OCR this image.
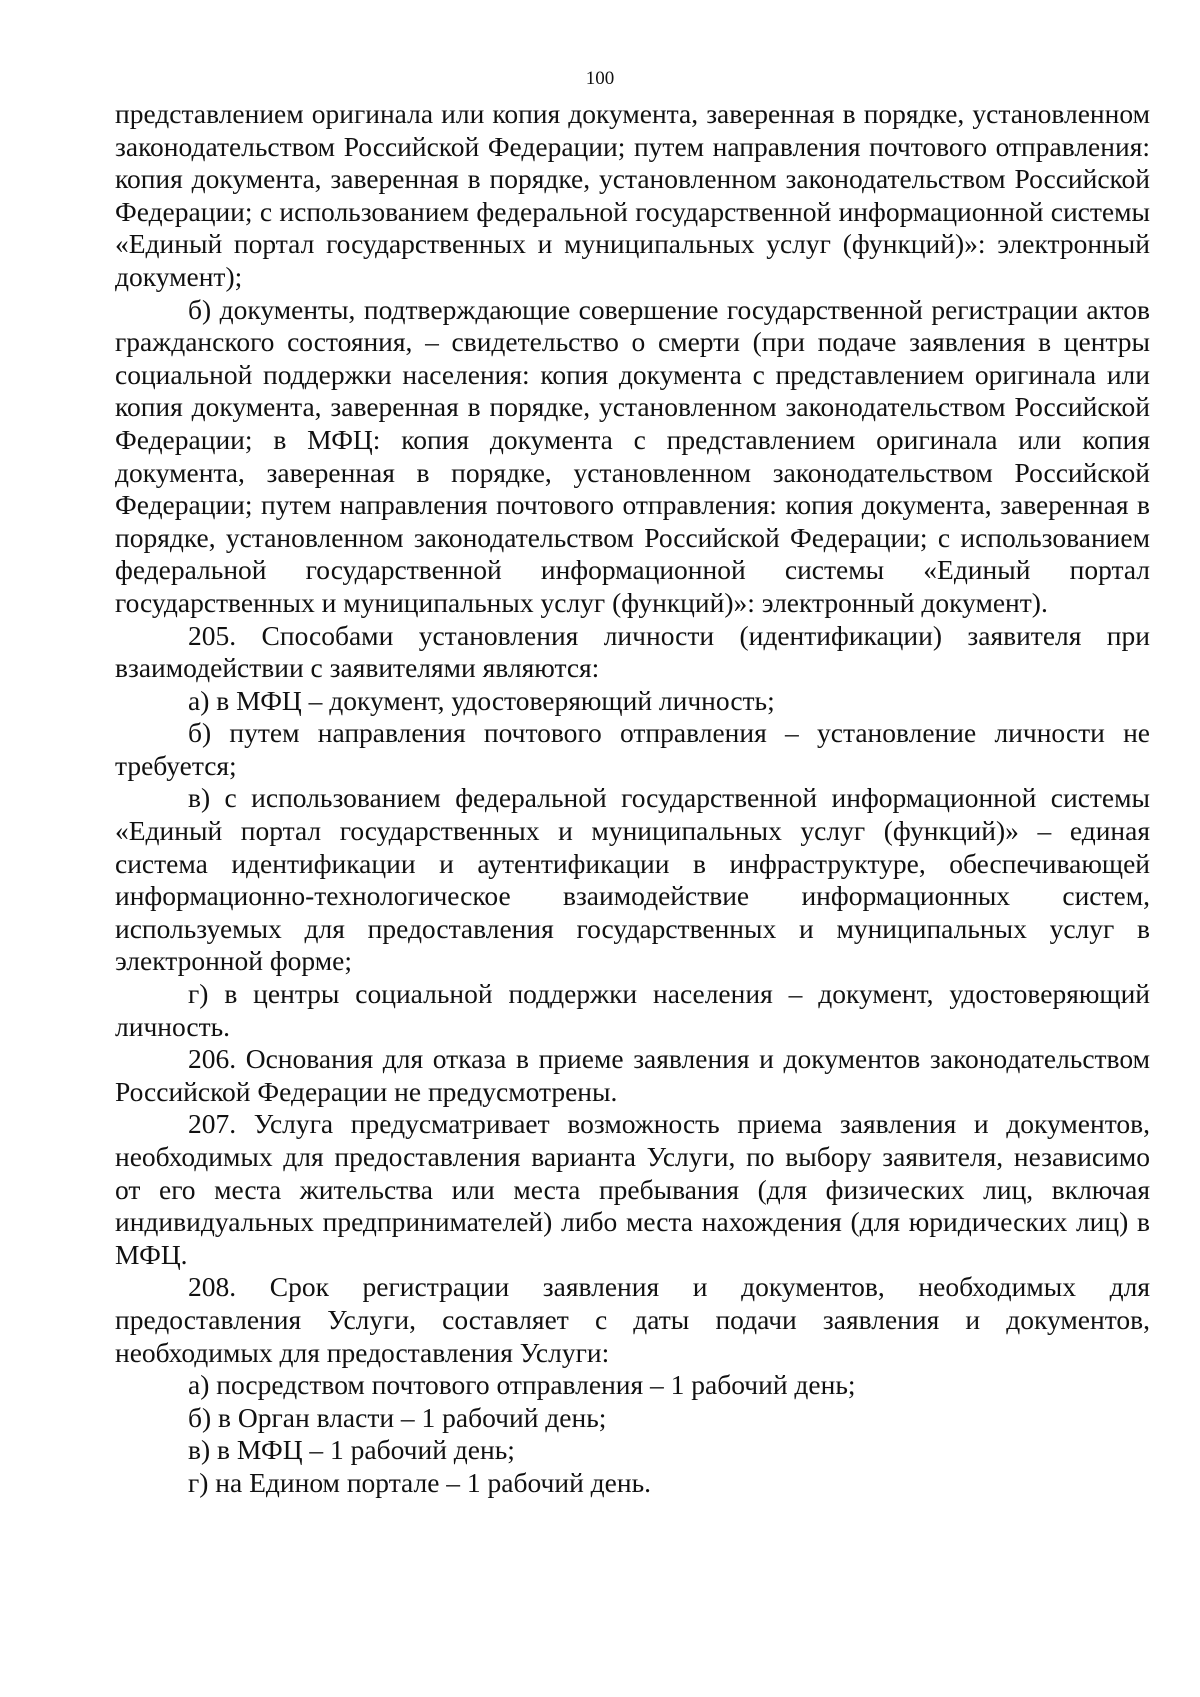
100

представлением оригинала или копия документа, заверенная в порядке, установленном законодательством Российской Федерации; путем направления почтового отправления: копия документа, заверенная в порядке, установленном законодательством Российской Федерации; с использованием федеральной государственной информационной системы «Единый портал государственных и муниципальных услуг (функций)»: электронный документ);

б) документы, подтверждающие совершение государственной регистрации актов гражданского состояния, – свидетельство о смерти (при подаче заявления в центры социальной поддержки населения: копия документа с представлением оригинала или копия документа, заверенная в порядке, установленном законодательством Российской Федерации; в МФЦ: копия документа с представлением оригинала или копия документа, заверенная в порядке, установленном законодательством Российской Федерации; путем направления почтового отправления: копия документа, заверенная в порядке, установленном законодательством Российской Федерации; с использованием федеральной государственной информационной системы «Единый портал государственных и муниципальных услуг (функций)»: электронный документ).

205. Способами установления личности (идентификации) заявителя при взаимодействии с заявителями являются:

а) в МФЦ – документ, удостоверяющий личность;

б) путем направления почтового отправления – установление личности не требуется;

в) с использованием федеральной государственной информационной системы «Единый портал государственных и муниципальных услуг (функций)» – единая система идентификации и аутентификации в инфраструктуре, обеспечивающей информационно-технологическое взаимодействие информационных систем, используемых для предоставления государственных и муниципальных услуг в электронной форме;

г) в центры социальной поддержки населения – документ, удостоверяющий личность.

206. Основания для отказа в приеме заявления и документов законодательством Российской Федерации не предусмотрены.

207. Услуга предусматривает возможность приема заявления и документов, необходимых для предоставления варианта Услуги, по выбору заявителя, независимо от его места жительства или места пребывания (для физических лиц, включая индивидуальных предпринимателей) либо места нахождения (для юридических лиц) в МФЦ.

208. Срок регистрации заявления и документов, необходимых для предоставления Услуги, составляет с даты подачи заявления и документов, необходимых для предоставления Услуги:

а) посредством почтового отправления – 1 рабочий день;

б) в Орган власти – 1 рабочий день;

в) в МФЦ – 1 рабочий день;

г) на Едином портале – 1 рабочий день.
